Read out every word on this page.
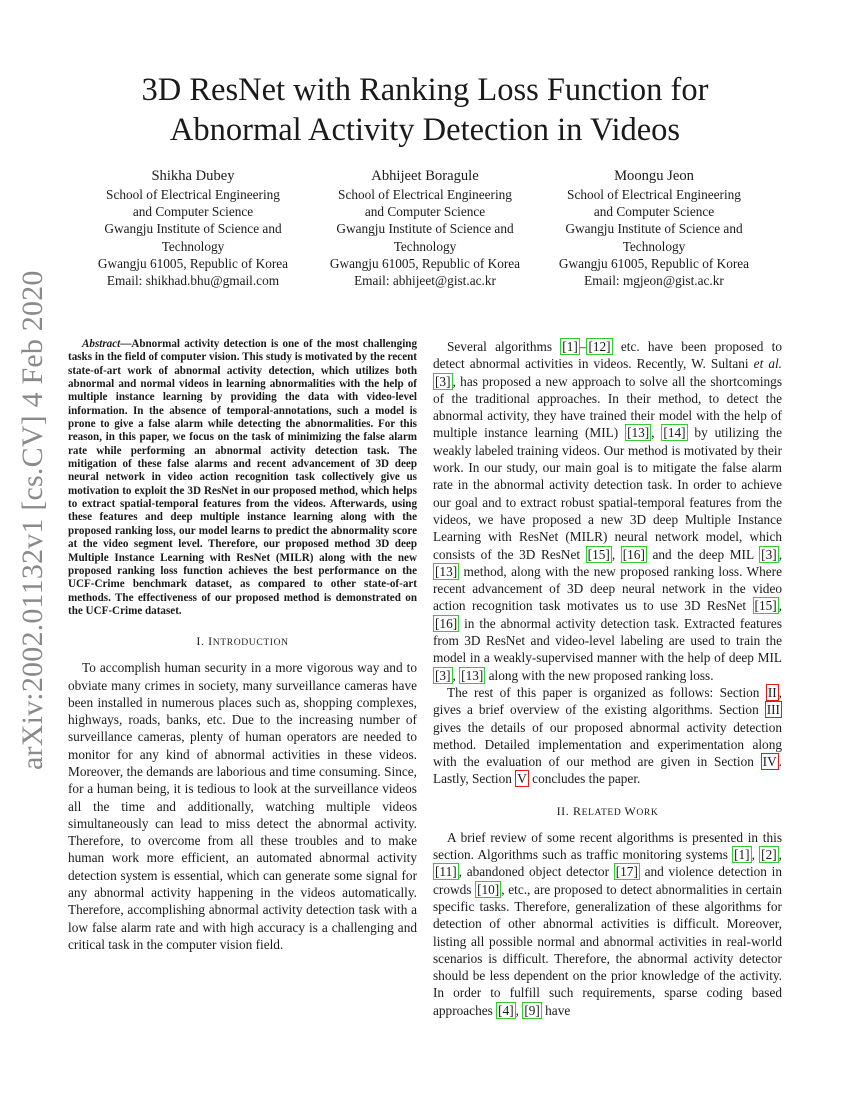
arXiv:2002.01132v1 [cs.CV] 4 Feb 2020
3D ResNet with Ranking Loss Function for
Abnormal Activity Detection in Videos
Shikha Dubey
School of Electrical Engineering
and Computer Science
Gwangju Institute of Science and
Technology
Gwangju 61005, Republic of Korea
Email: shikhad.bhu@gmail.com
Abhijeet Boragule
School of Electrical Engineering
and Computer Science
Gwangju Institute of Science and
Technology
Gwangju 61005, Republic of Korea
Email: abhijeet@gist.ac.kr
Moongu Jeon
School of Electrical Engineering
and Computer Science
Gwangju Institute of Science and
Technology
Gwangju 61005, Republic of Korea
Email: mgjeon@gist.ac.kr

Abstract—Abnormal activity detection is one of the most challenging tasks in the field of computer vision. This study is motivated by the recent state-of-art work of abnormal activity detection, which utilizes both abnormal and normal videos in learning abnormalities with the help of multiple instance learning by providing the data with video-level information. In the absence of temporal-annotations, such a model is prone to give a false alarm while detecting the abnormalities. For this reason, in this paper, we focus on the task of minimizing the false alarm rate while performing an abnormal activity detection task. The mitigation of these false alarms and recent advancement of 3D deep neural network in video action recognition task collectively give us motivation to exploit the 3D ResNet in our proposed method, which helps to extract spatial-temporal features from the videos. Afterwards, using these features and deep multiple instance learning along with the proposed ranking loss, our model learns to predict the abnormality score at the video segment level. Therefore, our proposed method 3D deep Multiple Instance Learning with ResNet (MILR) along with the new proposed ranking loss function achieves the best performance on the UCF-Crime benchmark dataset, as compared to other state-of-art methods. The effectiveness of our proposed method is demonstrated on the UCF-Crime dataset.

I. INTRODUCTION

To accomplish human security in a more vigorous way and to obviate many crimes in society, many surveillance cameras have been installed in numerous places such as, shopping complexes, highways, roads, banks, etc. Due to the increasing number of surveillance cameras, plenty of human operators are needed to monitor for any kind of abnormal activities in these videos. Moreover, the demands are laborious and time consuming. Since, for a human being, it is tedious to look at the surveillance videos all the time and additionally, watching multiple videos simultaneously can lead to miss detect the abnormal activity. Therefore, to overcome from all these troubles and to make human work more efficient, an automated abnormal activity detection system is essential, which can generate some signal for any abnormal activity happening in the videos automatically. Therefore, accomplishing abnormal activity detection task with a low false alarm rate and with high accuracy is a challenging and critical task in the computer vision field.

Several algorithms [1] – [12] etc. have been proposed to detect abnormal activities in videos. Recently, W. Sultani et al. [3] , has proposed a new approach to solve all the shortcomings of the traditional approaches. In their method, to detect the abnormal activity, they have trained their model with the help of multiple instance learning (MIL) [13] , [14] by utilizing the weakly labeled training videos. Our method is motivated by their work. In our study, our main goal is to mitigate the false alarm rate in the abnormal activity detection task. In order to achieve our goal and to extract robust spatial-temporal features from the videos, we have proposed a new 3D deep Multiple Instance Learning with ResNet (MILR) neural network model, which consists of the 3D ResNet [15] , [16] and the deep MIL [3] , [13] method, along with the new proposed ranking loss. Where recent advancement of 3D deep neural network in the video action recognition task motivates us to use 3D ResNet [15] , [16] in the abnormal activity detection task. Extracted features from 3D ResNet and video-level labeling are used to train the model in a weakly-supervised manner with the help of deep MIL [3] , [13] along with the new proposed ranking loss.

The rest of this paper is organized as follows: Section II , gives a brief overview of the existing algorithms. Section III gives the details of our proposed abnormal activity detection method. Detailed implementation and experimentation along with the evaluation of our method are given in Section IV . Lastly, Section V concludes the paper.

II. RELATED WORK

A brief review of some recent algorithms is presented in this section. Algorithms such as traffic monitoring systems [1] , [2] , [11] , abandoned object detector [17] and violence detection in crowds [10] , etc., are proposed to detect abnormalities in certain specific tasks. Therefore, generalization of these algorithms for detection of other abnormal activities is difficult. Moreover, listing all possible normal and abnormal activities in real-world scenarios is difficult. Therefore, the abnormal activity detector should be less dependent on the prior knowledge of the activity. In order to fulfill such requirements, sparse coding based approaches [4] , [9] have
